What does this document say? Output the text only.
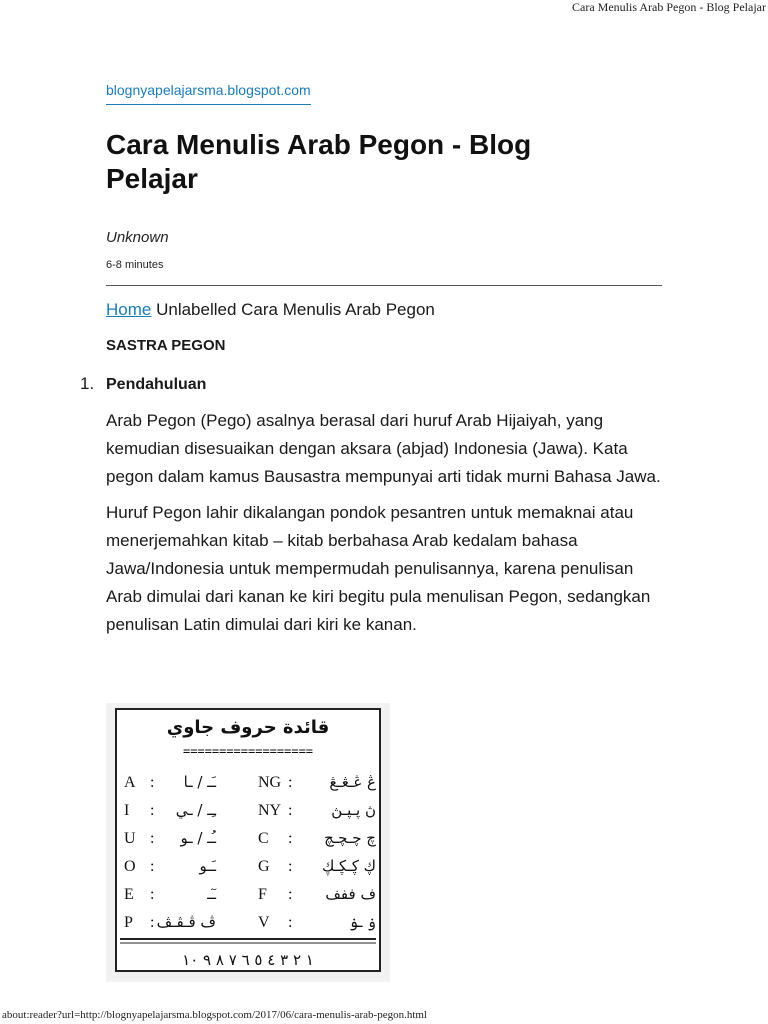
Cara Menulis Arab Pegon - Blog Pelajar
blognyapelajarsma.blogspot.com
Cara Menulis Arab Pegon - Blog Pelajar
Unknown
6-8 minutes

Home Unlabelled Cara Menulis Arab Pegon

SASTRA PEGON

1. Pendahuluan

Arab Pegon (Pego) asalnya berasal dari huruf Arab Hijaiyah, yang kemudian disesuaikan dengan aksara (abjad) Indonesia (Jawa). Kata pegon dalam kamus Bausastra mempunyai arti tidak murni Bahasa Jawa.

Huruf Pegon lahir dikalangan pondok pesantren untuk memaknai atau menerjemahkan kitab – kitab berbahasa Arab kedalam bahasa Jawa/Indonesia untuk mempermudah penulisannya, karena penulisan Arab dimulai dari kanan ke kiri begitu pula menulisan Pegon, sedangkan penulisan Latin dimulai dari kiri ke kanan.

قائدة حروف جاوي
==================
A : ـَـ / ـا	NG : ڠ ڠـڠـڠ
I : ـِـ / ـي	NY :	ڽ ڽـڽـڽ
U : ـُـ / ـو	C : چ چـچـچ
O :	ـَـو	G : ڮ ڮـڮـڮ
E :	ـٓـ	F : ف ففف
P : ڤ ڤـڤـڤ	V :	ۏ ـۏ
١ ٢ ٣ ٤ ٥ ٦ ٧ ٨ ٩ ١٠
about:reader?url=http://blognyapelajarsma.blogspot.com/2017/06/cara-menulis-arab-pegon.html
